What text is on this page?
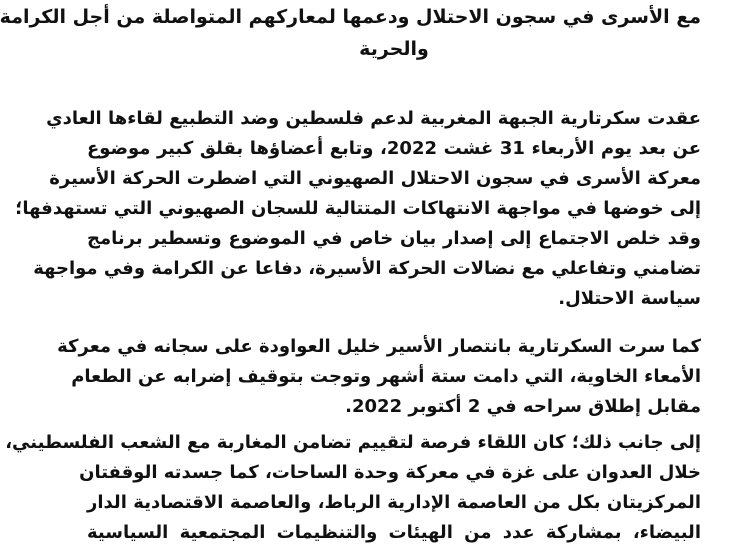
مع الأسرى في سجون الاحتلال ودعمها لمعاركهم المتواصلة من أجل الكرامة
والحرية
عقدت سكرتارية الجبهة المغربية لدعم فلسطين وضد التطبيع لقاءها العادي
عن بعد يوم الأربعاء 31 غشت 2022، وتابع أعضاؤها بقلق كبير موضوع
معركة الأسرى في سجون الاحتلال الصهيوني التي اضطرت الحركة الأسيرة
إلى خوضها في مواجهة الانتهاكات المتتالية للسجان الصهيوني التي تستهدفها؛
وقد خلص الاجتماع إلى إصدار بيان خاص في الموضوع وتسطير برنامج
تضامني وتفاعلي مع نضالات الحركة الأسيرة، دفاعا عن الكرامة وفي مواجهة
سياسة الاحتلال.
كما سرت السكرتارية بانتصار الأسير خليل العواودة على سجانه في معركة
الأمعاء الخاوية، التي دامت ستة أشهر وتوجت بتوقيف إضرابه عن الطعام
مقابل إطلاق سراحه في 2 أكتوبر 2022.
إلى جانب ذلك؛ كان اللقاء فرصة لتقييم تضامن المغاربة مع الشعب الفلسطيني،
خلال العدوان على غزة في معركة وحدة الساحات، كما جسدته الوقفتان
المركزيتان بكل من العاصمة الإدارية الرباط، والعاصمة الاقتصادية الدار
البيضاء، بمشاركة عدد من الهيئات والتنظيمات المجتمعية السياسية
